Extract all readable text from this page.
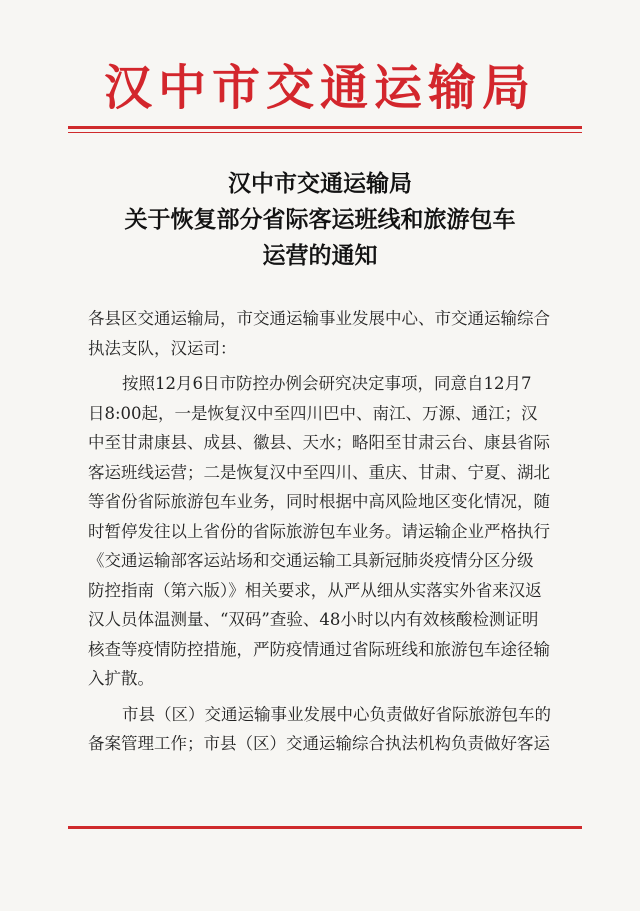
汉中市交通运输局
汉中市交通运输局
关于恢复部分省际客运班线和旅游包车
运营的通知
各县区交通运输局，市交通运输事业发展中心、市交通运输综合
执法支队，汉运司：
按照12月6日市防控办例会研究决定事项，同意自12月7
日8:00起，一是恢复汉中至四川巴中、南江、万源、通江；汉
中至甘肃康县、成县、徽县、天水；略阳至甘肃云台、康县省际
客运班线运营；二是恢复汉中至四川、重庆、甘肃、宁夏、湖北
等省份省际旅游包车业务，同时根据中高风险地区变化情况，随
时暂停发往以上省份的省际旅游包车业务。请运输企业严格执行
《交通运输部客运站场和交通运输工具新冠肺炎疫情分区分级
防控指南（第六版）》相关要求，从严从细从实落实外省来汉返
汉人员体温测量、“双码”查验、48小时以内有效核酸检测证明
核查等疫情防控措施，严防疫情通过省际班线和旅游包车途径输
入扩散。
市县（区）交通运输事业发展中心负责做好省际旅游包车的
备案管理工作；市县（区）交通运输综合执法机构负责做好客运
